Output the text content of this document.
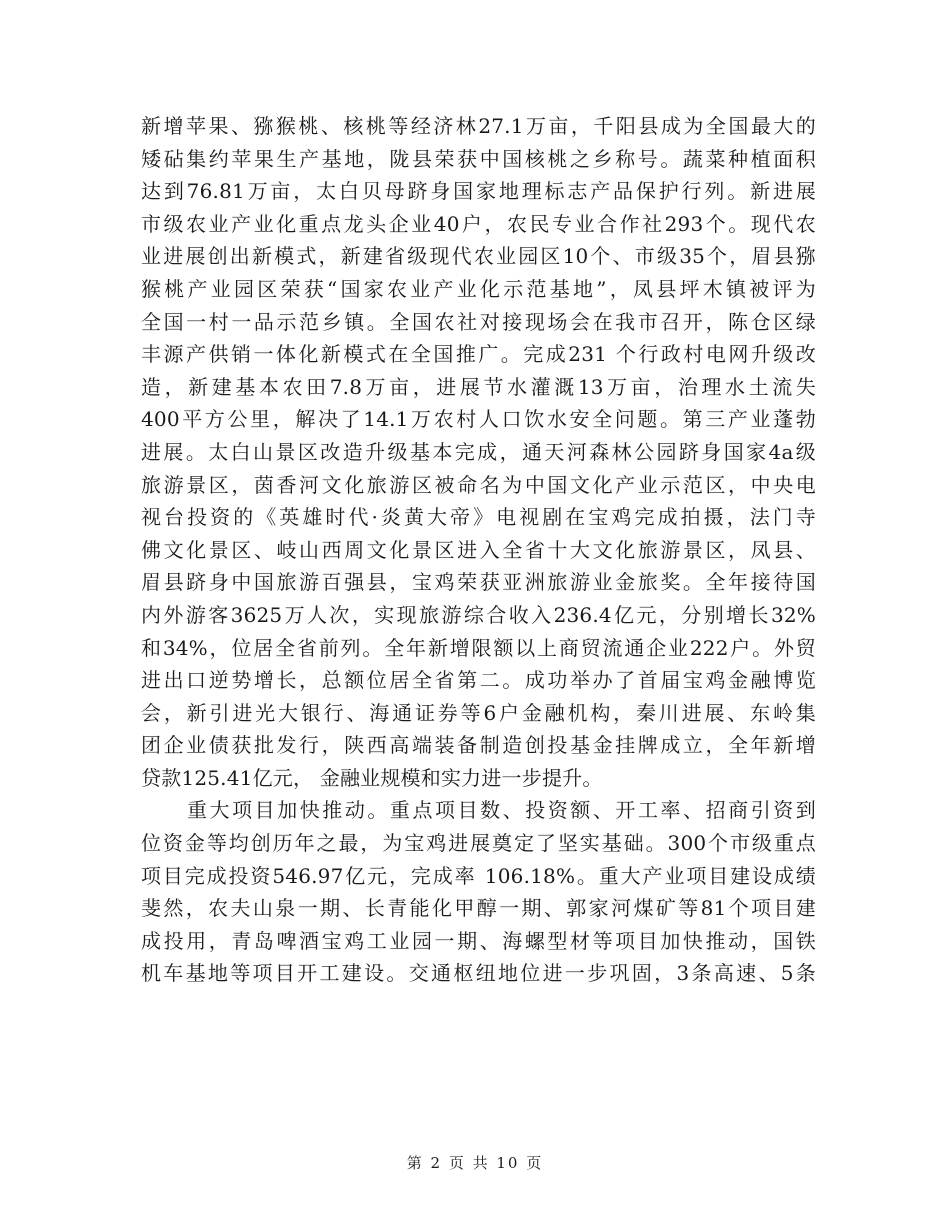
新增苹果、猕猴桃、核桃等经济林27.1万亩，千阳县成为全国最大的
矮砧集约苹果生产基地，陇县荣获中国核桃之乡称号。蔬菜种植面积
达到76.81万亩，太白贝母跻身国家地理标志产品保护行列。新进展
市级农业产业化重点龙头企业40户，农民专业合作社293个。现代农
业进展创出新模式，新建省级现代农业园区10个、市级35个，眉县猕
猴桃产业园区荣获“国家农业产业化示范基地”，凤县坪木镇被评为
全国一村一品示范乡镇。全国农社对接现场会在我市召开，陈仓区绿
丰源产供销一体化新模式在全国推广。完成231 个行政村电网升级改
造，新建基本农田7.8万亩，进展节水灌溉13万亩，治理水土流失
400平方公里，解决了14.1万农村人口饮水安全问题。第三产业蓬勃
进展。太白山景区改造升级基本完成，通天河森林公园跻身国家4a级
旅游景区，茵香河文化旅游区被命名为中国文化产业示范区，中央电
视台投资的《英雄时代·炎黄大帝》电视剧在宝鸡完成拍摄，法门寺
佛文化景区、岐山西周文化景区进入全省十大文化旅游景区，凤县、
眉县跻身中国旅游百强县，宝鸡荣获亚洲旅游业金旅奖。全年接待国
内外游客3625万人次，实现旅游综合收入236.4亿元，分别增长32%
和34%，位居全省前列。全年新增限额以上商贸流通企业222户。外贸
进出口逆势增长，总额位居全省第二。成功举办了首届宝鸡金融博览
会，新引进光大银行、海通证券等6户金融机构，秦川进展、东岭集
团企业债获批发行，陕西高端装备制造创投基金挂牌成立，全年新增
贷款125.41亿元， 金融业规模和实力进一步提升。
重大项目加快推动。重点项目数、投资额、开工率、招商引资到
位资金等均创历年之最，为宝鸡进展奠定了坚实基础。300个市级重点
项目完成投资546.97亿元，完成率 106.18%。重大产业项目建设成绩
斐然，农夫山泉一期、长青能化甲醇一期、郭家河煤矿等81个项目建
成投用，青岛啤酒宝鸡工业园一期、海螺型材等项目加快推动，国铁
机车基地等项目开工建设。交通枢纽地位进一步巩固，3条高速、5条
第 2 页 共 10 页
